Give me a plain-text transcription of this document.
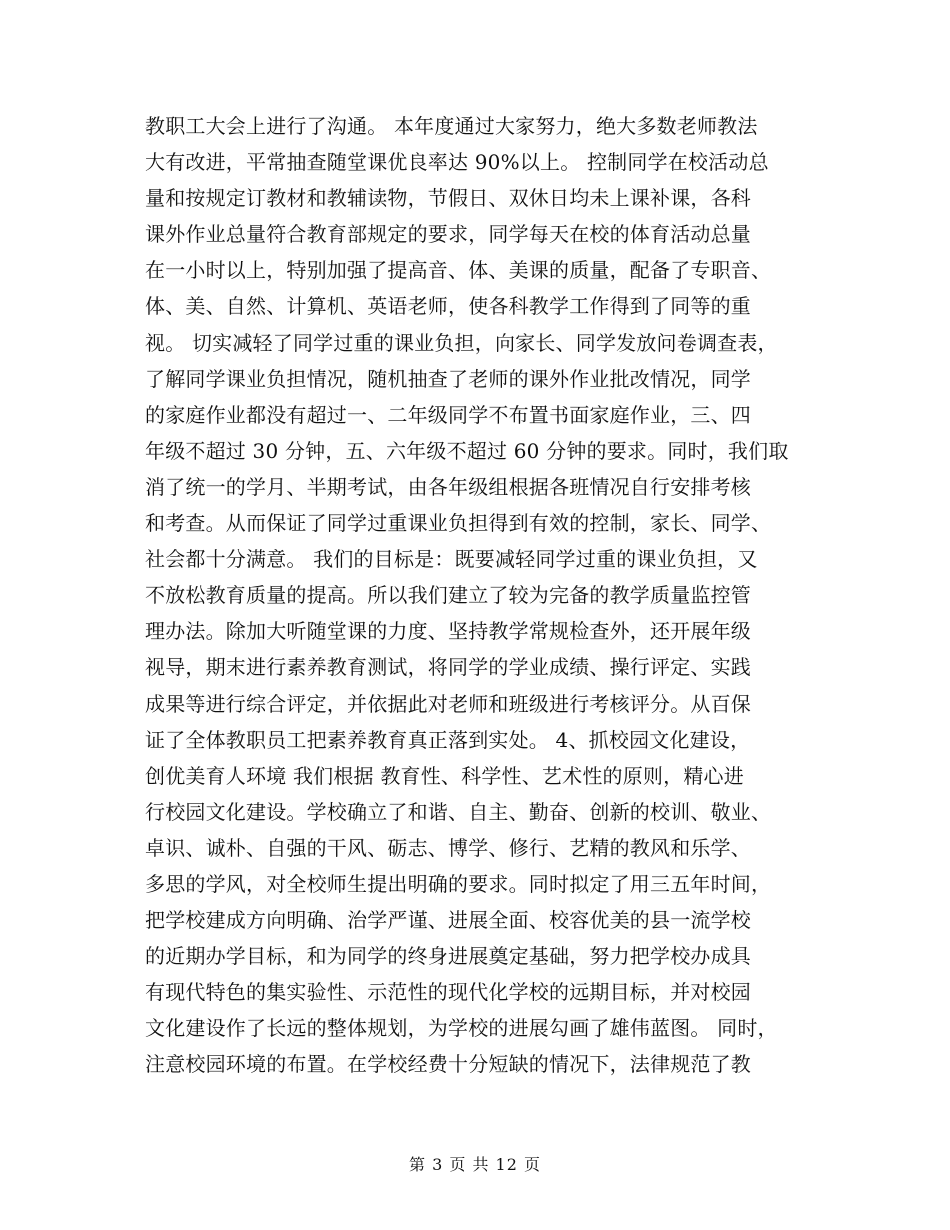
教职工大会上进行了沟通。 本年度通过大家努力，绝大多数老师教法
大有改进，平常抽查随堂课优良率达 90%以上。 控制同学在校活动总
量和按规定订教材和教辅读物，节假日、双休日均未上课补课，各科
课外作业总量符合教育部规定的要求，同学每天在校的体育活动总量
在一小时以上，特别加强了提高音、体、美课的质量，配备了专职音、
体、美、自然、计算机、英语老师，使各科教学工作得到了同等的重
视。 切实减轻了同学过重的课业负担，向家长、同学发放问卷调查表，
了解同学课业负担情况，随机抽查了老师的课外作业批改情况，同学
的家庭作业都没有超过一、二年级同学不布置书面家庭作业，三、四
年级不超过 30 分钟，五、六年级不超过 60 分钟的要求。同时，我们取
消了统一的学月、半期考试，由各年级组根据各班情况自行安排考核
和考查。从而保证了同学过重课业负担得到有效的控制，家长、同学、
社会都十分满意。 我们的目标是：既要减轻同学过重的课业负担，又
不放松教育质量的提高。所以我们建立了较为完备的教学质量监控管
理办法。除加大听随堂课的力度、坚持教学常规检查外，还开展年级
视导，期末进行素养教育测试，将同学的学业成绩、操行评定、实践
成果等进行综合评定，并依据此对老师和班级进行考核评分。从百保
证了全体教职员工把素养教育真正落到实处。 4、抓校园文化建设，
创优美育人环境 我们根据 教育性、科学性、艺术性的原则，精心进
行校园文化建设。学校确立了和谐、自主、勤奋、创新的校训、敬业、
卓识、诚朴、自强的干风、砺志、博学、修行、艺精的教风和乐学、
多思的学风，对全校师生提出明确的要求。同时拟定了用三五年时间，
把学校建成方向明确、治学严谨、进展全面、校容优美的县一流学校
的近期办学目标，和为同学的终身进展奠定基础，努力把学校办成具
有现代特色的集实验性、示范性的现代化学校的远期目标，并对校园
文化建设作了长远的整体规划，为学校的进展勾画了雄伟蓝图。 同时，
注意校园环境的布置。在学校经费十分短缺的情况下，法律规范了教
第 3 页 共 12 页
